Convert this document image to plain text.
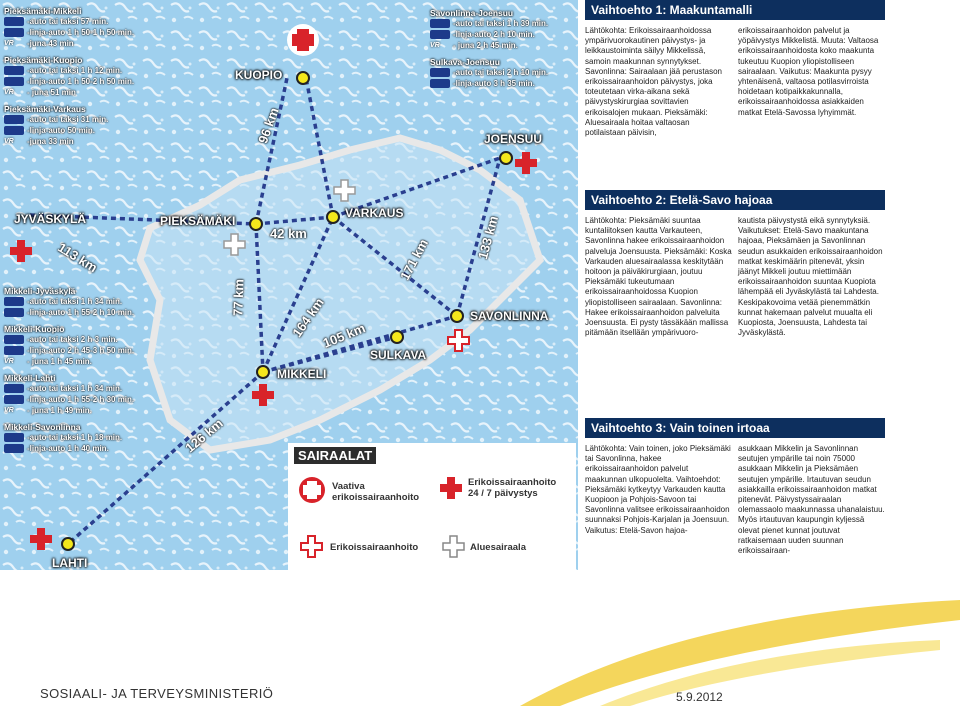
KUOPIO
JOENSUU
JYVÄSKYLÄ	PIEKSÄMÄKI
VARKAUS
SAVONLINNA
SULKAVA
MIKKELI
LAHTI
96 km
42 km
113 km
77 km	164 km
105 km
171 km	133 km
126 km
Pieksämäki-Mikkeli
-auto tai taksi 57 min.
-linja-auto 1 h 50-1 h 50 min.
VR	-juna 43 min
Pieksämäki-Kuopio
-auto tai taksi 1 h 12 min.
-linja-auto 1 h 50-2 h 50 min.
VR	- juna 51 min
Pieksämäki-Varkaus
-auto tai taksi 31 min.
-linja-auto 50 min.
VR	-juna 33 min
Mikkeli-Jyväskylä
-auto tai taksi 1 h 34 min.
-linja-auto 1 h 55-2 h 10 min.
Mikkeli-Kuopio
-auto tai taksi 2 h 3 min.
-linja-auto 2 h 45-3 h 50 min.
VR	- juna 1 h 45 min.
Mikkeli-Lahti
-auto tai taksi 1 h 34 min.
-linja-auto 1 h 55-2 h 30 min.
VR	- juna 1 h 49 min.
Mikkeli-Savonlinna
-auto tai taksi 1 h 18 min.
-linja-auto 1 h 40 min.
Savonlinna-Joensuu
-auto tai taksi 1 h 39 min.
-linja-auto 2 h 10 min.
VR	- juna 2 h 45 min.
Sulkava-Joensuu
-auto tai taksi 2 h 10 min.
-linja-auto 3 h 35 min.
SAIRAALAT
Vaativa
erikoissairaanhoito
Erikoissairaanhoito
24 / 7 päivystys
Erikoissairaanhoito	Aluesairaala
Vaihtoehto 1: Maakuntamalli
Lähtökohta: Erikoissairaanhoidossa ympärivuorokautinen päivystys- ja leikkaustoiminta säilyy Mikkelissä, samoin maakunnan synnytykset. Savonlinna: Sairaalaan jää perustason erikoissairaanhoidon päivystys, joka toteutetaan virka-aikana sekä päivystyskirurgiaa sovittavien erikoisalojen mukaan. Pieksämäki: Aluesairaala hoitaa valtaosan potilaistaan päivisin,
erikoissairaanhoidon palvelut ja yöpäivystys Mikkelistä. Muuta: Valtaosa erikoissairaanhoidosta koko maakunta tukeutuu Kuopion yliopistolliseen sairaalaan. Vaikutus: Maakunta pysyy yhtenäisenä, valtaosa potilasvirroista hoidetaan kotipaikkakunnalla, erikoissairaanhoidossa asiakkaiden matkat Etelä-Savossa lyhyimmät.
Vaihtoehto 2: Etelä-Savo hajoaa
Lähtökohta: Pieksämäki suuntaa kuntaliitoksen kautta Varkauteen, Savonlinna hakee erikoissairaanhoidon palveluja Joensuusta. Pieksämäki: Koska Varkauden aluesairaalassa keskitytään hoitoon ja päiväkirurgiaan, joutuu Pieksämäki tukeutumaan erikoissairaanhoidossa Kuopion yliopistolliseen sairaalaan. Savonlinna: Hakee erikoissairaanhoidon palveluita Joensuusta. Ei pysty tässäkään mallissa pitämään itsellään ympärivuoro-
kautista päivystystä eikä synnytyksiä. Vaikutukset: Etelä-Savo maakuntana hajoaa, Pieksämäen ja Savonlinnan seudun asukkaiden erikoissairaanhoidon matkat keskimäärin pitenevät, yksin jäänyt Mikkeli joutuu miettimään erikoissairaanhoidon suuntaa Kuopiota lähempää eli Jyväskylästä tai Lahdesta. Keskipakovoima vetää pienemmätkin kunnat hakemaan palvelut muualta eli Kuopiosta, Joensuusta, Lahdesta tai Jyväskylästä.
Vaihtoehto 3: Vain toinen irtoaa
Lähtökohta: Vain toinen, joko Pieksämäki tai Savonlinna, hakee erikoissairaanhoidon palvelut maakunnan ulkopuolelta. Vaihtoehdot: Pieksämäki kytkeytyy Varkauden kautta Kuopioon ja Pohjois-Savoon tai Savonlinna valitsee erikoissairaanhoidon suunnaksi Pohjois-Karjalan ja Joensuun. Vaikutus: Etelä-Savon hajoa-
asukkaan Mikkelin ja Savonlinnan seutujen ympärille tai noin 75000 asukkaan Mikkelin ja Pieksämäen seutujen ympärille. Irtautuvan seudun asiakkailla erikoissairaanhoidon matkat pitenevät. Päivystyssairaalan olemassaolo maakunnassa uhanalaistuu. Myös irtautuvan kaupungin kyljessä olevat pienet kunnat joutuvat ratkaisemaan uuden suunnan erikoissairaan-
SOSIAALI- JA TERVEYSMINISTERIÖ	5.9.2012
